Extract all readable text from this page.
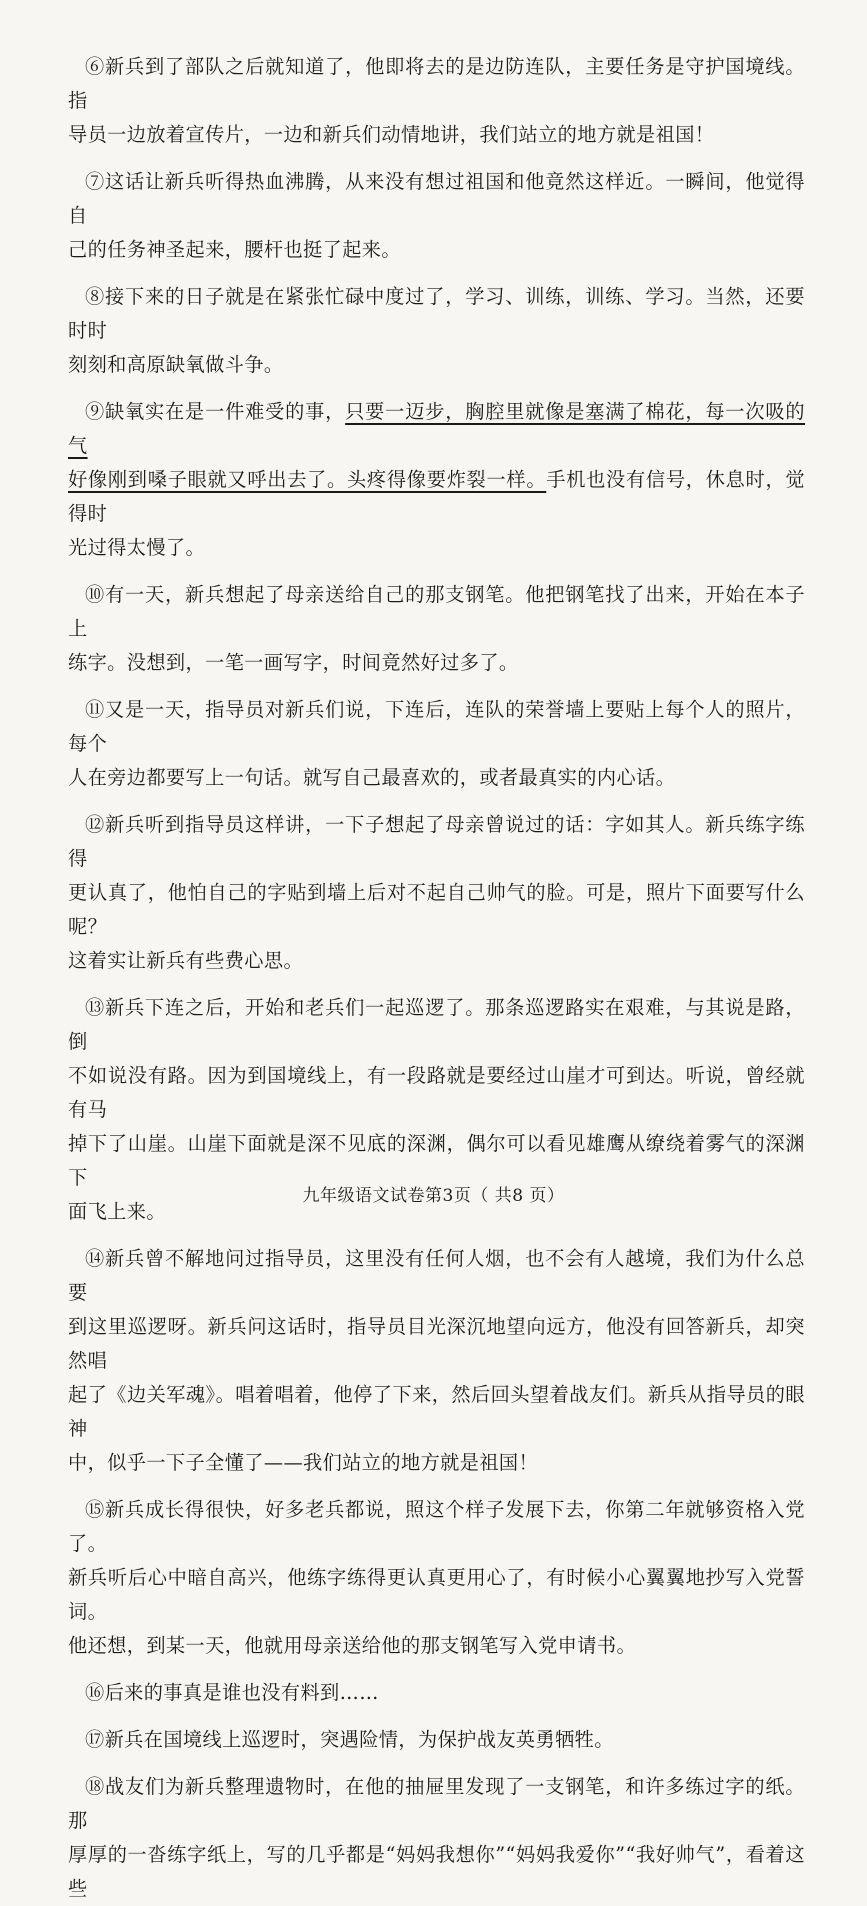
⑥新兵到了部队之后就知道了，他即将去的是边防连队，主要任务是守护国境线。指
导员一边放着宣传片，一边和新兵们动情地讲，我们站立的地方就是祖国！

⑦这话让新兵听得热血沸腾，从来没有想过祖国和他竟然这样近。一瞬间，他觉得自
己的任务神圣起来，腰杆也挺了起来。

⑧接下来的日子就是在紧张忙碌中度过了，学习、训练，训练、学习。当然，还要时时
刻刻和高原缺氧做斗争。

⑨缺氧实在是一件难受的事，只要一迈步，胸腔里就像是塞满了棉花，每一次吸的气
好像刚到嗓子眼就又呼出去了。头疼得像要炸裂一样。手机也没有信号，休息时，觉得时
光过得太慢了。

⑩有一天，新兵想起了母亲送给自己的那支钢笔。他把钢笔找了出来，开始在本子上
练字。没想到，一笔一画写字，时间竟然好过多了。

⑪又是一天，指导员对新兵们说，下连后，连队的荣誉墙上要贴上每个人的照片，每个
人在旁边都要写上一句话。就写自己最喜欢的，或者最真实的内心话。

⑫新兵听到指导员这样讲，一下子想起了母亲曾说过的话：字如其人。新兵练字练得
更认真了，他怕自己的字贴到墙上后对不起自己帅气的脸。可是，照片下面要写什么呢？
这着实让新兵有些费心思。

⑬新兵下连之后，开始和老兵们一起巡逻了。那条巡逻路实在艰难，与其说是路，倒
不如说没有路。因为到国境线上，有一段路就是要经过山崖才可到达。听说，曾经就有马
掉下了山崖。山崖下面就是深不见底的深渊，偶尔可以看见雄鹰从缭绕着雾气的深渊下
面飞上来。

⑭新兵曾不解地问过指导员，这里没有任何人烟，也不会有人越境，我们为什么总要
到这里巡逻呀。新兵问这话时，指导员目光深沉地望向远方，他没有回答新兵，却突然唱
起了《边关军魂》。唱着唱着，他停了下来，然后回头望着战友们。新兵从指导员的眼神
中，似乎一下子全懂了——我们站立的地方就是祖国！

⑮新兵成长得很快，好多老兵都说，照这个样子发展下去，你第二年就够资格入党了。
新兵听后心中暗自高兴，他练字练得更认真更用心了，有时候小心翼翼地抄写入党誓词。
他还想，到某一天，他就用母亲送给他的那支钢笔写入党申请书。

⑯后来的事真是谁也没有料到……

⑰新兵在国境线上巡逻时，突遇险情，为保护战友英勇牺牲。

⑱战友们为新兵整理遗物时，在他的抽屉里发现了一支钢笔，和许多练过字的纸。那
厚厚的一沓练字纸上，写的几乎都是“妈妈我想你”“妈妈我爱你”“我好帅气”，看着这些

九年级语文试卷第3页（ 共8 页）
